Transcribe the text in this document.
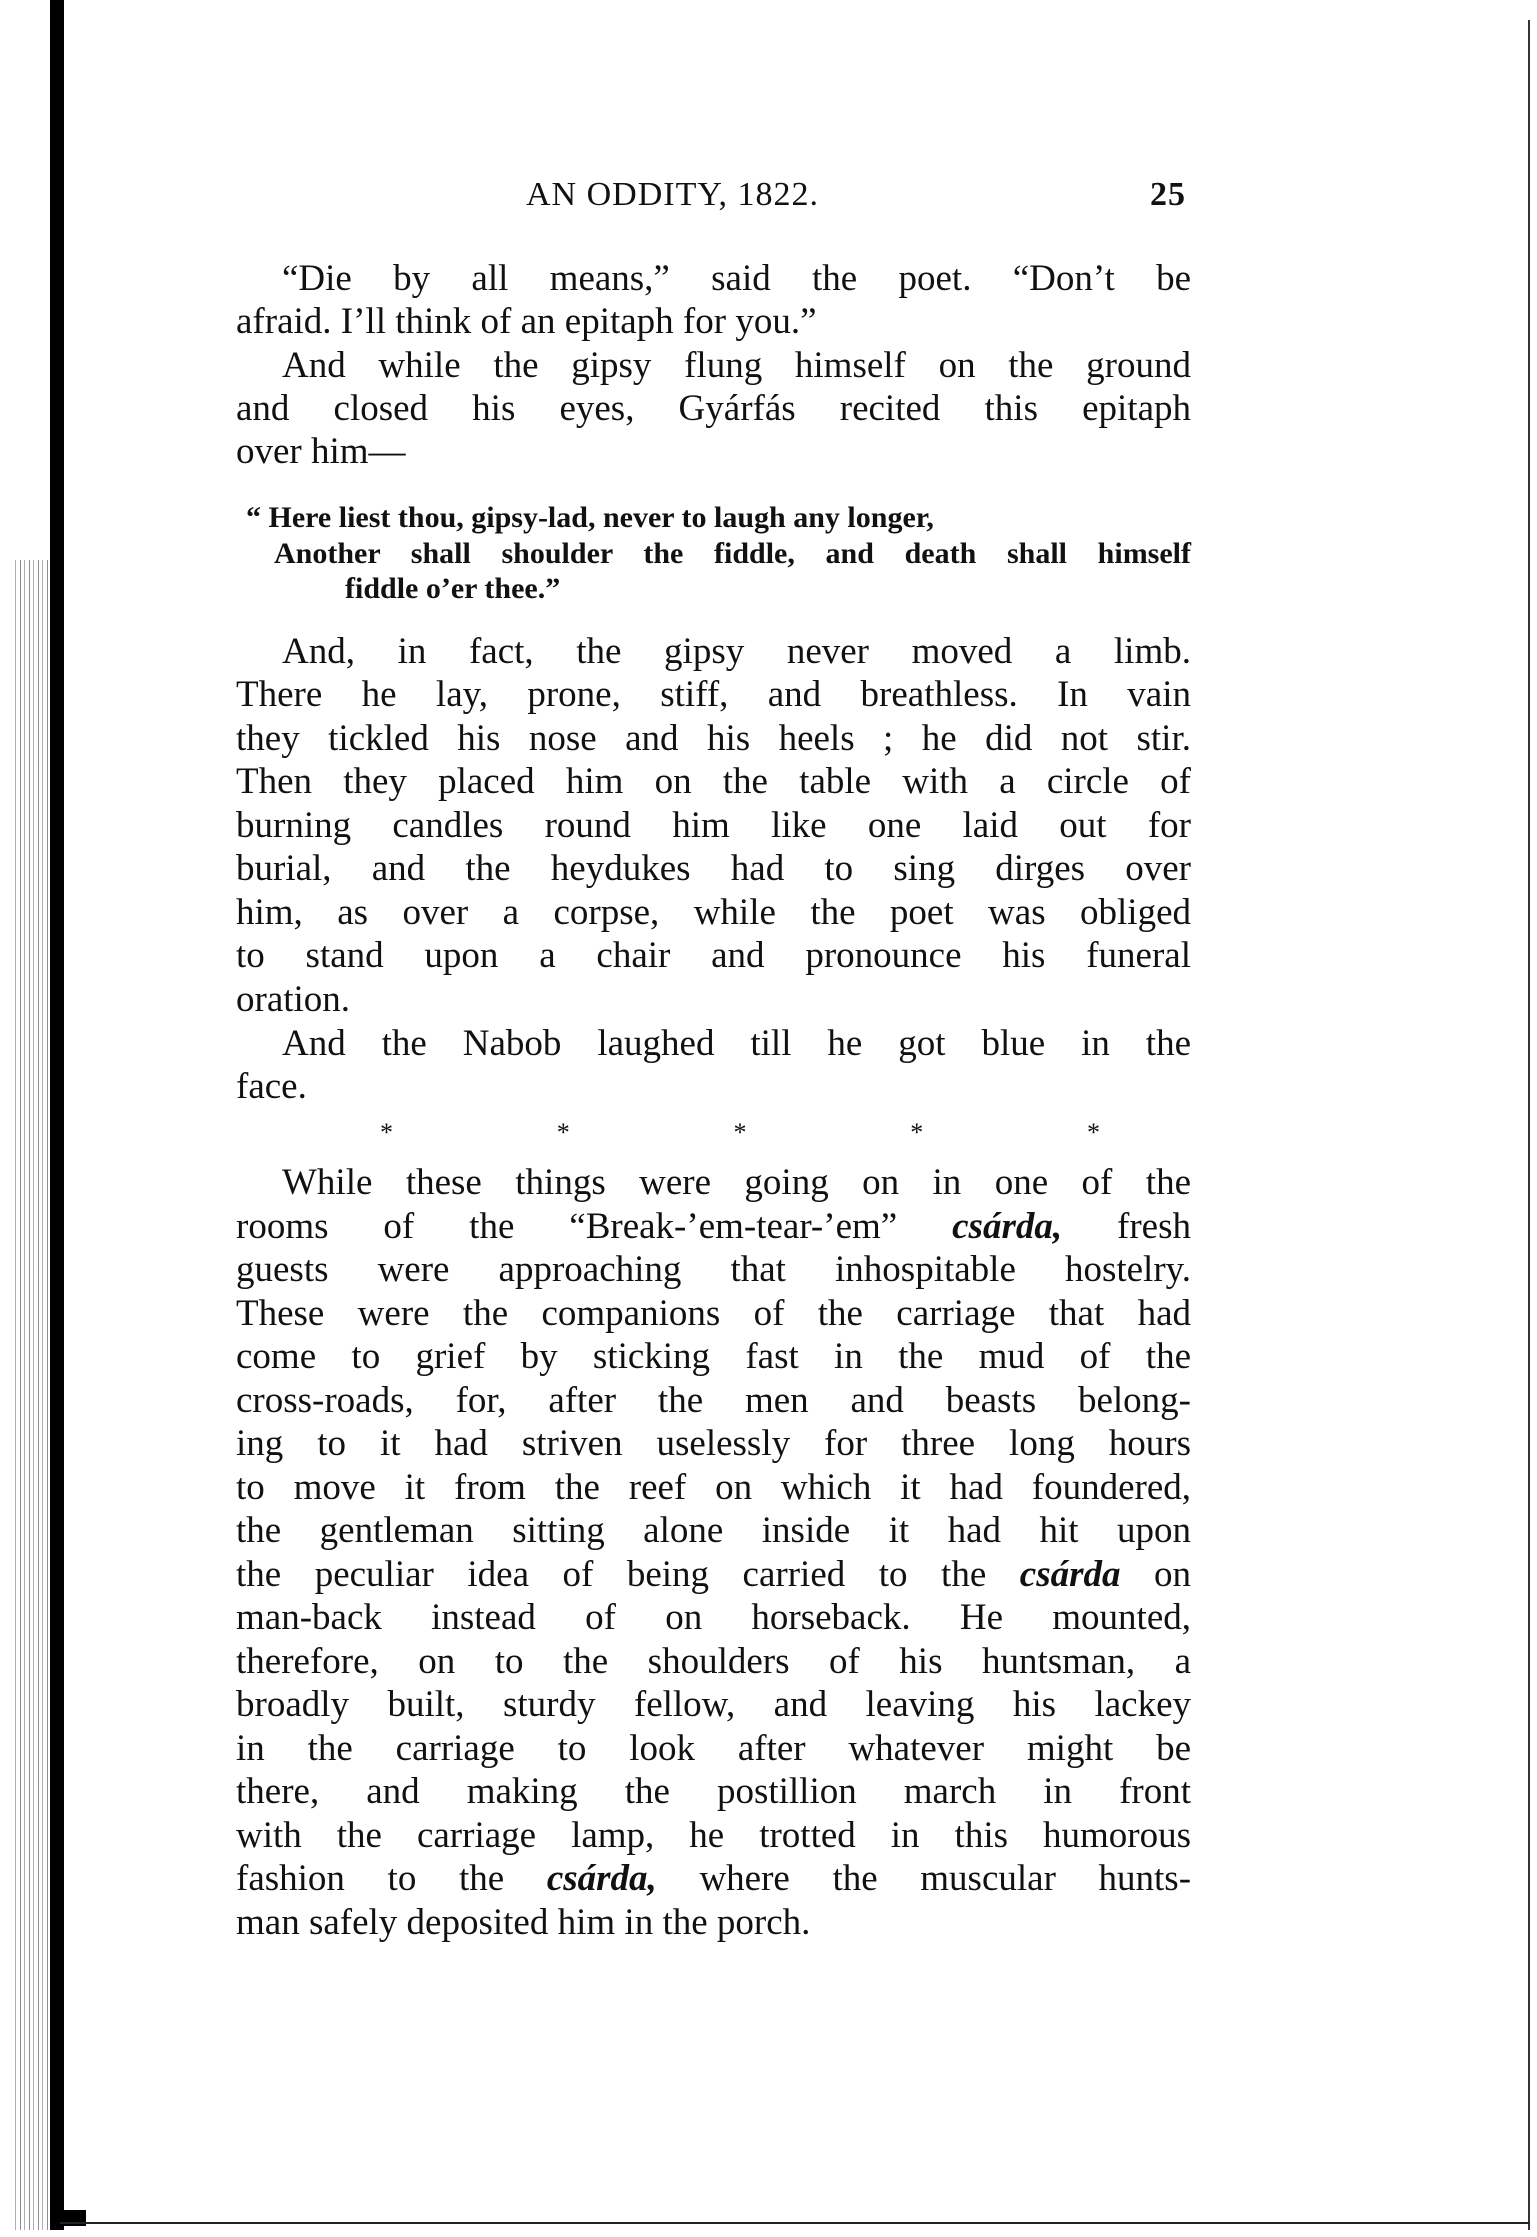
AN ODDITY, 1822.	25
“Die by all means,” said the poet. “Don’t be
afraid. I’ll think of an epitaph for you.”
And while the gipsy flung himself on the ground
and closed his eyes, Gyárfás recited this epitaph
over him—
“ Here liest thou, gipsy-lad, never to laugh any longer,
Another shall shoulder the fiddle, and death shall himself
fiddle o’er thee.”
And, in fact, the gipsy never moved a limb.
There he lay, prone, stiff, and breathless. In vain
they tickled his nose and his heels ; he did not stir.
Then they placed him on the table with a circle of
burning candles round him like one laid out for
burial, and the heydukes had to sing dirges over
him, as over a corpse, while the poet was obliged
to stand upon a chair and pronounce his funeral
oration.
And the Nabob laughed till he got blue in the
face.
*	*	*	*	*
While these things were going on in one of the
rooms of the “Break-’em-tear-’em” csárda, fresh
guests were approaching that inhospitable hostelry.
These were the companions of the carriage that had
come to grief by sticking fast in the mud of the
cross-roads, for, after the men and beasts belong-
ing to it had striven uselessly for three long hours
to move it from the reef on which it had foundered,
the gentleman sitting alone inside it had hit upon
the peculiar idea of being carried to the csárda on
man-back instead of on horseback. He mounted,
therefore, on to the shoulders of his huntsman, a
broadly built, sturdy fellow, and leaving his lackey
in the carriage to look after whatever might be
there, and making the postillion march in front
with the carriage lamp, he trotted in this humorous
fashion to the csárda, where the muscular hunts-
man safely deposited him in the porch.
